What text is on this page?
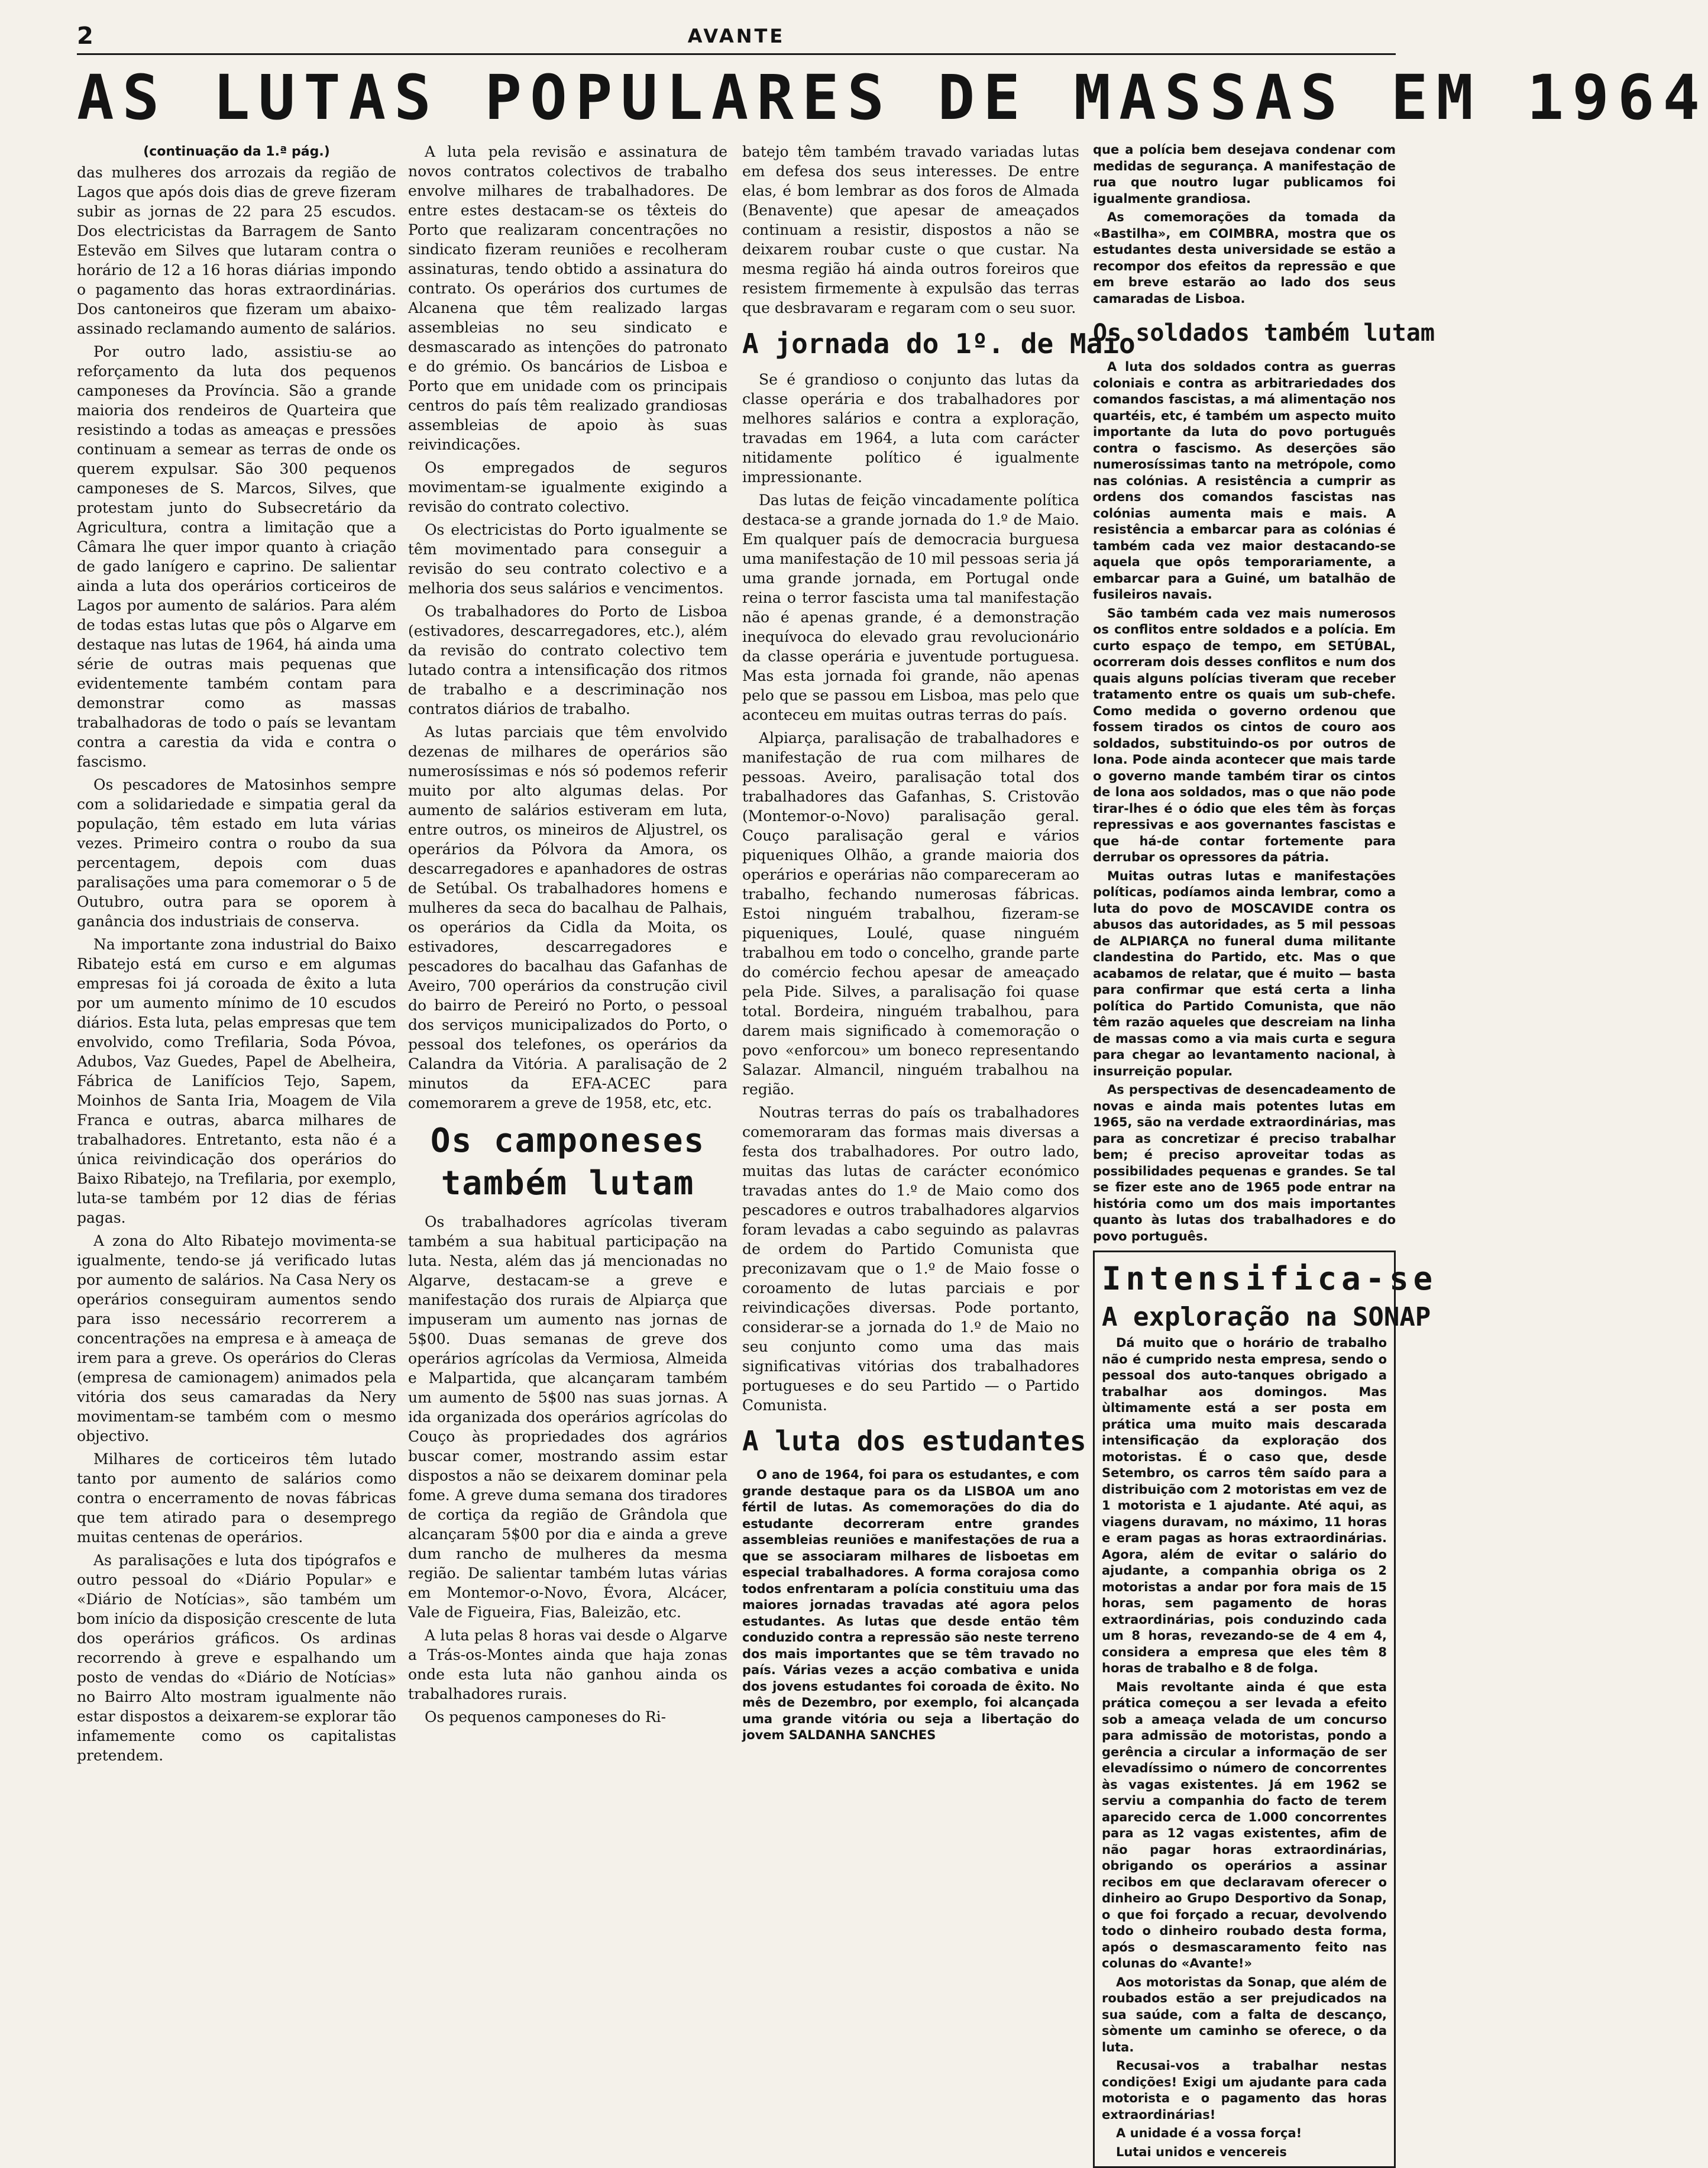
2	AVANTE
AS LUTAS POPULARES DE MASSAS EM 1964
(continuação da 1.ª pág.)

das mulheres dos arrozais da região de Lagos que após dois dias de greve fizeram subir as jornas de 22 para 25 escudos. Dos electricistas da Barragem de Santo Estevão em Silves que lutaram contra o horário de 12 a 16 horas diárias impondo o pagamento das horas extraordinárias. Dos cantoneiros que fizeram um abaixo-assinado reclamando aumento de salários.

Por outro lado, assistiu-se ao reforçamento da luta dos pequenos camponeses da Província. São a grande maioria dos rendeiros de Quarteira que resistindo a todas as ameaças e pressões continuam a semear as terras de onde os querem expulsar. São 300 pequenos camponeses de S. Marcos, Silves, que protestam junto do Subsecretário da Agricultura, contra a limitação que a Câmara lhe quer impor quanto à criação de gado lanígero e caprino. De salientar ainda a luta dos operários corticeiros de Lagos por aumento de salários. Para além de todas estas lutas que pôs o Algarve em destaque nas lutas de 1964, há ainda uma série de outras mais pequenas que evidentemente também contam para demonstrar como as massas trabalhadoras de todo o país se levantam contra a carestia da vida e contra o fascismo.

Os pescadores de Matosinhos sempre com a solidariedade e simpatia geral da população, têm estado em luta várias vezes. Primeiro contra o roubo da sua percentagem, depois com duas paralisações uma para comemorar o 5 de Outubro, outra para se oporem à ganância dos industriais de conserva.

Na importante zona industrial do Baixo Ribatejo está em curso e em algumas empresas foi já coroada de êxito a luta por um aumento mínimo de 10 escudos diários. Esta luta, pelas empresas que tem envolvido, como Trefilaria, Soda Póvoa, Adubos, Vaz Guedes, Papel de Abelheira, Fábrica de Lanifícios Tejo, Sapem, Moinhos de Santa Iria, Moagem de Vila Franca e outras, abarca milhares de trabalhadores. Entretanto, esta não é a única reivindicação dos operários do Baixo Ribatejo, na Trefilaria, por exemplo, luta-se também por 12 dias de férias pagas.

A zona do Alto Ribatejo movimenta-se igualmente, tendo-se já verificado lutas por aumento de salários. Na Casa Nery os operários conseguiram aumentos sendo para isso necessário recorrerem a concentrações na empresa e à ameaça de irem para a greve. Os operários do Cleras (empresa de camionagem) animados pela vitória dos seus camaradas da Nery movimentam-se também com o mesmo objectivo.

Milhares de corticeiros têm lutado tanto por aumento de salários como contra o encerramento de novas fábricas que tem atirado para o desemprego muitas centenas de operários.

As paralisações e luta dos tipógrafos e outro pessoal do «Diário Popular» e «Diário de Notícias», são também um bom início da disposição crescente de luta dos operários gráficos. Os ardinas recorrendo à greve e espalhando um posto de vendas do «Diário de Notícias» no Bairro Alto mostram igualmente não estar dispostos a deixarem-se explorar tão infamemente como os capitalistas pretendem.

A luta pela revisão e assinatura de novos contratos colectivos de trabalho envolve milhares de trabalhadores. De entre estes destacam-se os têxteis do Porto que realizaram concentrações no sindicato fizeram reuniões e recolheram assinaturas, tendo obtido a assinatura do contrato. Os operários dos curtumes de Alcanena que têm realizado largas assembleias no seu sindicato e desmascarado as intenções do patronato e do grémio. Os bancários de Lisboa e Porto que em unidade com os principais centros do país têm realizado grandiosas assembleias de apoio às suas reivindicações.

Os empregados de seguros movimentam-se igualmente exigindo a revisão do contrato colectivo.

Os electricistas do Porto igualmente se têm movimentado para conseguir a revisão do seu contrato colectivo e a melhoria dos seus salários e vencimentos.

Os trabalhadores do Porto de Lisboa (estivadores, descarregadores, etc.), além da revisão do contrato colectivo tem lutado contra a intensificação dos ritmos de trabalho e a descriminação nos contratos diários de trabalho.

As lutas parciais que têm envolvido dezenas de milhares de operários são numerosíssimas e nós só podemos referir muito por alto algumas delas. Por aumento de salários estiveram em luta, entre outros, os mineiros de Aljustrel, os operários da Pólvora da Amora, os descarregadores e apanhadores de ostras de Setúbal. Os trabalhadores homens e mulheres da seca do bacalhau de Palhais, os operários da Cidla da Moita, os estivadores, descarregadores e pescadores do bacalhau das Gafanhas de Aveiro, 700 operários da construção civil do bairro de Pereiró no Porto, o pessoal dos serviços municipalizados do Porto, o pessoal dos telefones, os operários da Calandra da Vitória. A paralisação de 2 minutos da EFA-ACEC para comemorarem a greve de 1958, etc, etc.

Os camponeses também lutam

Os trabalhadores agrícolas tiveram também a sua habitual participação na luta. Nesta, além das já mencionadas no Algarve, destacam-se a greve e manifestação dos rurais de Alpiarça que impuseram um aumento nas jornas de 5$00. Duas semanas de greve dos operários agrícolas da Vermiosa, Almeida e Malpartida, que alcançaram também um aumento de 5$00 nas suas jornas. A ida organizada dos operários agrícolas do Couço às propriedades dos agrários buscar comer, mostrando assim estar dispostos a não se deixarem dominar pela fome. A greve duma semana dos tiradores de cortiça da região de Grândola que alcançaram 5$00 por dia e ainda a greve dum rancho de mulheres da mesma região. De salientar também lutas várias em Montemor-o-Novo, Évora, Alcácer, Vale de Figueira, Fias, Baleizão, etc.

A luta pelas 8 horas vai desde o Algarve a Trás-os-Montes ainda que haja zonas onde esta luta não ganhou ainda os trabalhadores rurais.

Os pequenos camponeses do Ri-

batejo têm também travado variadas lutas em defesa dos seus interesses. De entre elas, é bom lembrar as dos foros de Almada (Benavente) que apesar de ameaçados continuam a resistir, dispostos a não se deixarem roubar custe o que custar. Na mesma região há ainda outros foreiros que resistem firmemente à expulsão das terras que desbravaram e regaram com o seu suor.

A jornada do 1º. de Maio

Se é grandioso o conjunto das lutas da classe operária e dos trabalhadores por melhores salários e contra a exploração, travadas em 1964, a luta com carácter nitidamente político é igualmente impressionante.

Das lutas de feição vincadamente política destaca-se a grande jornada do 1.º de Maio. Em qualquer país de democracia burguesa uma manifestação de 10 mil pessoas seria já uma grande jornada, em Portugal onde reina o terror fascista uma tal manifestação não é apenas grande, é a demonstração inequívoca do elevado grau revolucionário da classe operária e juventude portuguesa. Mas esta jornada foi grande, não apenas pelo que se passou em Lisboa, mas pelo que aconteceu em muitas outras terras do país.

Alpiarça, paralisação de trabalhadores e manifestação de rua com milhares de pessoas. Aveiro, paralisação total dos trabalhadores das Gafanhas, S. Cristovão (Montemor-o-Novo) paralisação geral. Couço paralisação geral e vários piqueniques Olhão, a grande maioria dos operários e operárias não compareceram ao trabalho, fechando numerosas fábricas. Estoi ninguém trabalhou, fizeram-se piqueniques, Loulé, quase ninguém trabalhou em todo o concelho, grande parte do comércio fechou apesar de ameaçado pela Pide. Silves, a paralisação foi quase total. Bordeira, ninguém trabalhou, para darem mais significado à comemoração o povo «enforcou» um boneco representando Salazar. Almancil, ninguém trabalhou na região.

Noutras terras do país os trabalhadores comemoraram das formas mais diversas a festa dos trabalhadores. Por outro lado, muitas das lutas de carácter económico travadas antes do 1.º de Maio como dos pescadores e outros trabalhadores algarvios foram levadas a cabo seguindo as palavras de ordem do Partido Comunista que preconizavam que o 1.º de Maio fosse o coroamento de lutas parciais e por reivindicações diversas. Pode portanto, considerar-se a jornada do 1.º de Maio no seu conjunto como uma das mais significativas vitórias dos trabalhadores portugueses e do seu Partido — o Partido Comunista.

A luta dos estudantes

O ano de 1964, foi para os estudantes, e com grande destaque para os da LISBOA um ano fértil de lutas. As comemorações do dia do estudante decorreram entre grandes assembleias reuniões e manifestações de rua a que se associaram milhares de lisboetas em especial trabalhadores. A forma corajosa como todos enfrentaram a polícia constituiu uma das maiores jornadas travadas até agora pelos estudantes. As lutas que desde então têm conduzido contra a repressão são neste terreno dos mais importantes que se têm travado no país. Várias vezes a acção combativa e unida dos jovens estudantes foi coroada de êxito. No mês de Dezembro, por exemplo, foi alcançada uma grande vitória ou seja a libertação do jovem SALDANHA SANCHES

que a polícia bem desejava condenar com medidas de segurança. A manifestação de rua que noutro lugar publicamos foi igualmente grandiosa.

As comemorações da tomada da «Bastilha», em COIMBRA, mostra que os estudantes desta universidade se estão a recompor dos efeitos da repressão e que em breve estarão ao lado dos seus camaradas de Lisboa.

Os soldados também lutam

A luta dos soldados contra as guerras coloniais e contra as arbitrariedades dos comandos fascistas, a má alimentação nos quartéis, etc, é também um aspecto muito importante da luta do povo português contra o fascismo. As deserções são numerosíssimas tanto na metrópole, como nas colónias. A resistência a cumprir as ordens dos comandos fascistas nas colónias aumenta mais e mais. A resistência a embarcar para as colónias é também cada vez maior destacando-se aquela que opôs temporariamente, a embarcar para a Guiné, um batalhão de fusileiros navais.

São também cada vez mais numerosos os conflitos entre soldados e a polícia. Em curto espaço de tempo, em SETÚBAL, ocorreram dois desses conflitos e num dos quais alguns polícias tiveram que receber tratamento entre os quais um sub-chefe. Como medida o governo ordenou que fossem tirados os cintos de couro aos soldados, substituindo-os por outros de lona. Pode ainda acontecer que mais tarde o governo mande também tirar os cintos de lona aos soldados, mas o que não pode tirar-lhes é o ódio que eles têm às forças repressivas e aos governantes fascistas e que há-de contar fortemente para derrubar os opressores da pátria.

Muitas outras lutas e manifestações políticas, podíamos ainda lembrar, como a luta do povo de MOSCAVIDE contra os abusos das autoridades, as 5 mil pessoas de ALPIARÇA no funeral duma militante clandestina do Partido, etc. Mas o que acabamos de relatar, que é muito — basta para confirmar que está certa a linha política do Partido Comunista, que não têm razão aqueles que descreiam na linha de massas como a via mais curta e segura para chegar ao levantamento nacional, à insurreição popular.

As perspectivas de desencadeamento de novas e ainda mais potentes lutas em 1965, são na verdade extraordinárias, mas para as concretizar é preciso trabalhar bem; é preciso aproveitar todas as possibilidades pequenas e grandes. Se tal se fizer este ano de 1965 pode entrar na história como um dos mais importantes quanto às lutas dos trabalhadores e do povo português.

Intensifica-se
A exploração na SONAP

Dá muito que o horário de trabalho não é cumprido nesta empresa, sendo o pessoal dos auto-tanques obrigado a trabalhar aos domingos. Mas ùltimamente está a ser posta em prática uma muito mais descarada intensificação da exploração dos motoristas. É o caso que, desde Setembro, os carros têm saído para a distribuição com 2 motoristas em vez de 1 motorista e 1 ajudante. Até aqui, as viagens duravam, no máximo, 11 horas e eram pagas as horas extraordinárias. Agora, além de evitar o salário do ajudante, a companhia obriga os 2 motoristas a andar por fora mais de 15 horas, sem pagamento de horas extraordinárias, pois conduzindo cada um 8 horas, revezando-se de 4 em 4, considera a empresa que eles têm 8 horas de trabalho e 8 de folga.

Mais revoltante ainda é que esta prática começou a ser levada a efeito sob a ameaça velada de um concurso para admissão de motoristas, pondo a gerência a circular a informação de ser elevadíssimo o número de concorrentes às vagas existentes. Já em 1962 se serviu a companhia do facto de terem aparecido cerca de 1.000 concorrentes para as 12 vagas existentes, afim de não pagar horas extraordinárias, obrigando os operários a assinar recibos em que declaravam oferecer o dinheiro ao Grupo Desportivo da Sonap, o que foi forçado a recuar, devolvendo todo o dinheiro roubado desta forma, após o desmascaramento feito nas colunas do «Avante!»

Aos motoristas da Sonap, que além de roubados estão a ser prejudicados na sua saúde, com a falta de descanço, sòmente um caminho se oferece, o da luta.

Recusai-vos a trabalhar nestas condições! Exigi um ajudante para cada motorista e o pagamento das horas extraordinárias!

A unidade é a vossa força!

Lutai unidos e vencereis
